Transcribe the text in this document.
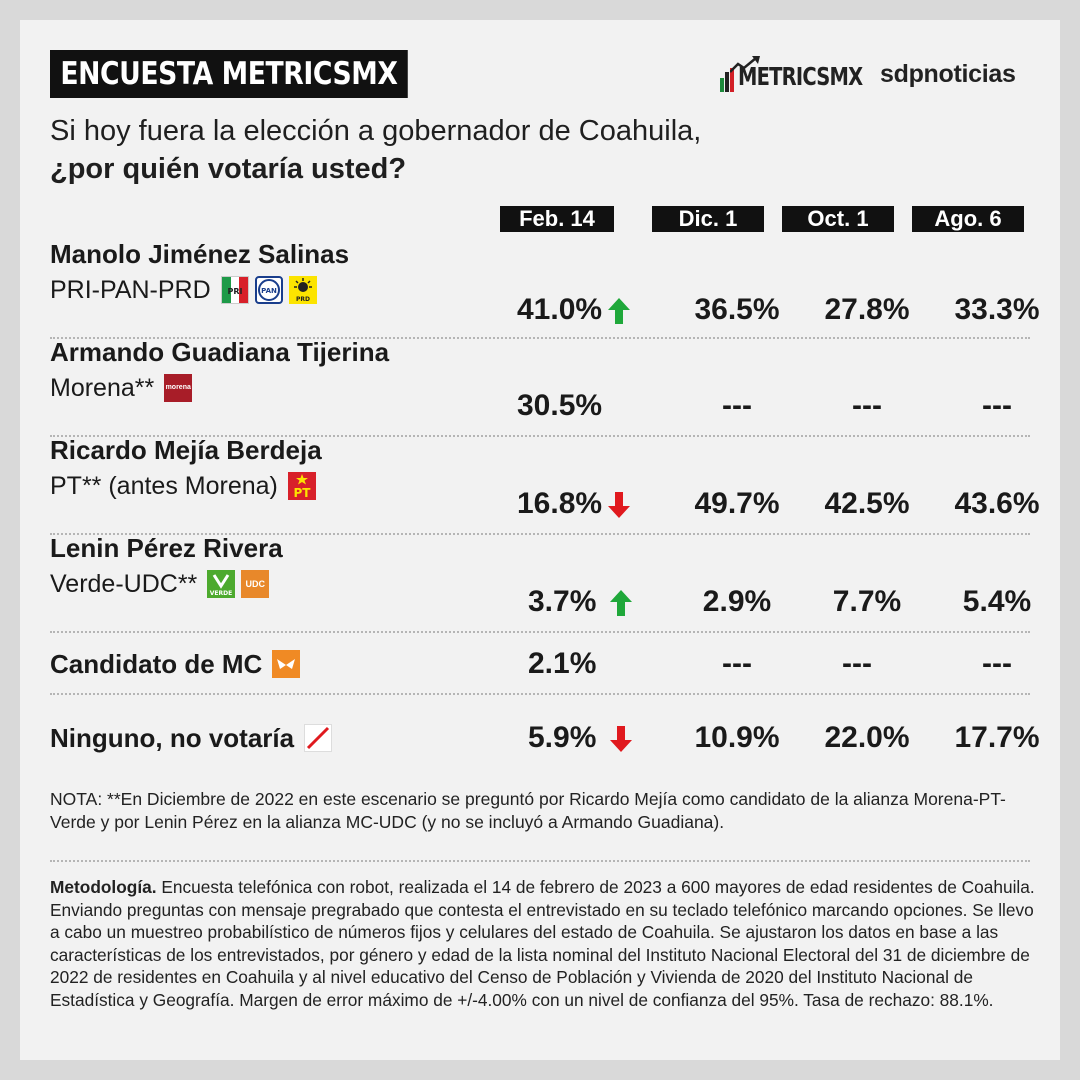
ENCUESTA METRICSMX	METRICSMX sdpnoticias
Si hoy fuera la elección a gobernador de Coahuila,
¿por quién votaría usted?
Feb. 14	Dic. 1	Oct. 1	Ago. 6
Manolo Jiménez Salinas
PRI-PAN-PRD PRI	PAN
PRD	41.0%	36.5%	27.8%	33.3%
Armando Guadiana Tijerina
Morena** morena
30.5%	---	---	---
Ricardo Mejía Berdeja
PT** (antes Morena) PT	16.8%	49.7%	42.5%	43.6%
Lenin Pérez Rivera
Verde-UDC** VERDE
UDC
3.7%	2.9%	7.7%	5.4%
Candidato de MC	2.1%	---	---	---
Ninguno, no votaría	5.9%	10.9%	22.0%	17.7%
NOTA: **En Diciembre de 2022 en este escenario se preguntó por Ricardo Mejía como candidato de la alianza Morena-PT-Verde y por Lenin Pérez en la alianza MC-UDC (y no se incluyó a Armando Guadiana).
Metodología. Encuesta telefónica con robot, realizada el 14 de febrero de 2023 a 600 mayores de edad residentes de Coahuila. Enviando preguntas con mensaje pregrabado que contesta el entrevistado en su teclado telefónico marcando opciones. Se llevo a cabo un muestreo probabilístico de números fijos y celulares del estado de Coahuila. Se ajustaron los datos en base a las características de los entrevistados, por género y edad de la lista nominal del Instituto Nacional Electoral del 31 de diciembre de 2022 de residentes en Coahuila y al nivel educativo del Censo de Población y Vivienda de 2020 del Instituto Nacional de Estadística y Geografía. Margen de error máximo de +/-4.00% con un nivel de confianza del 95%. Tasa de rechazo: 88.1%.
